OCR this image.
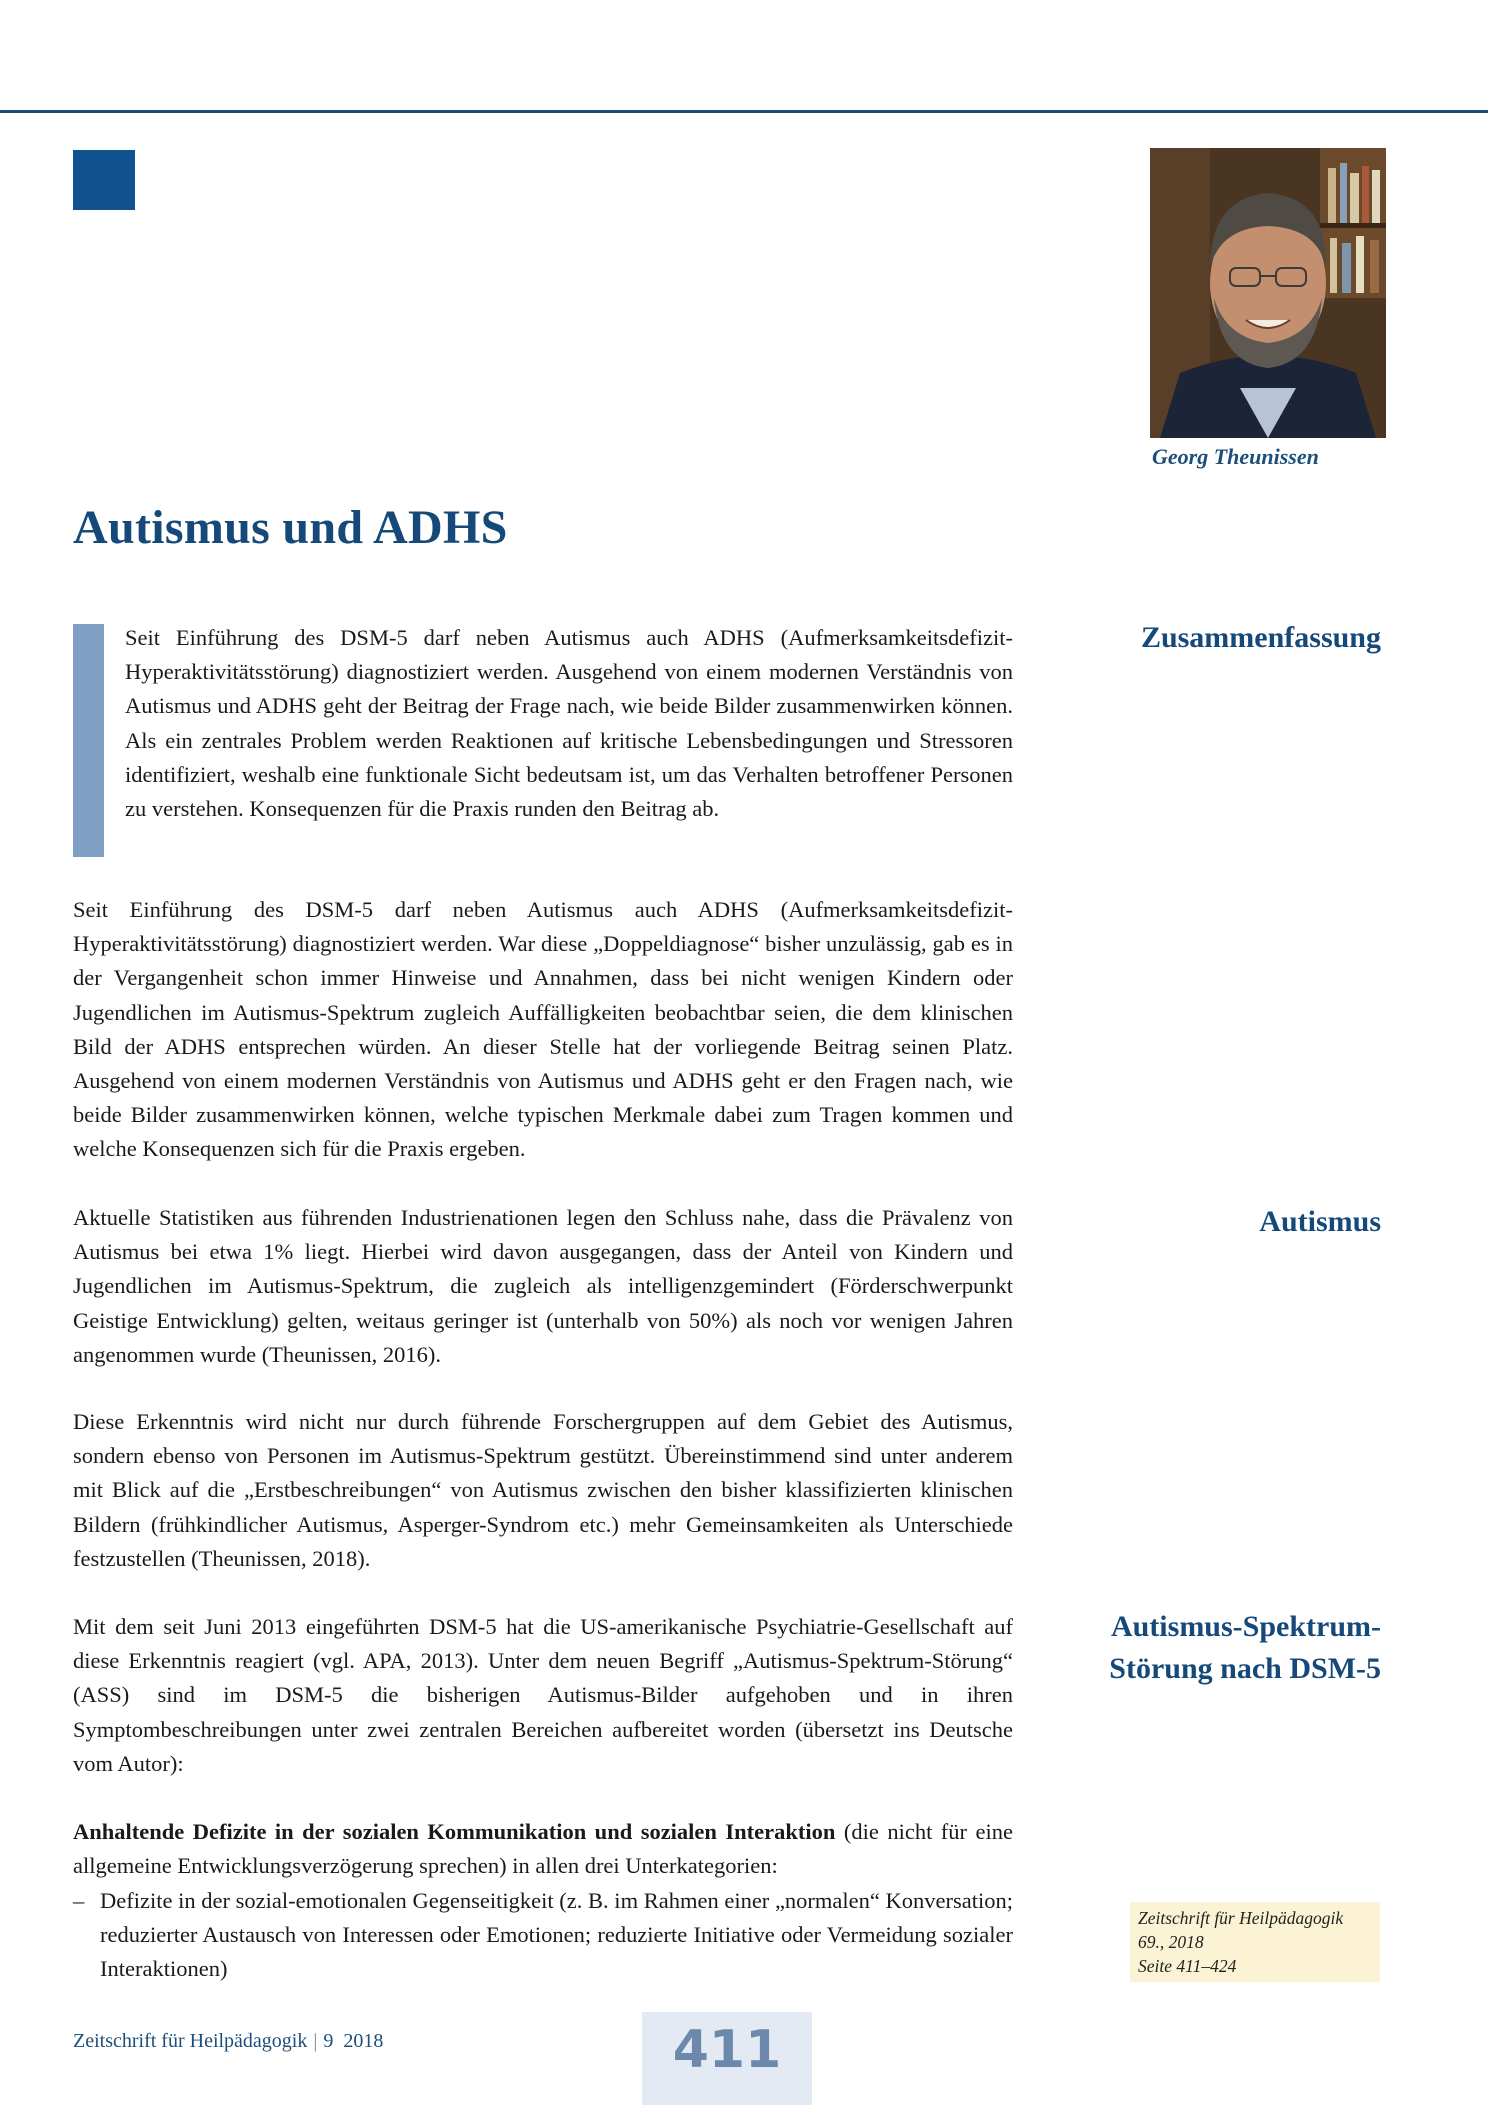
Georg Theunissen
Autismus und ADHS

Seit Einführung des DSM-5 darf neben Autismus auch ADHS (Aufmerksamkeitsdefizit-Hyperaktivitätsstörung) diagnostiziert werden. Ausgehend von einem modernen Verständnis von Autismus und ADHS geht der Beitrag der Frage nach, wie beide Bilder zusammenwirken können. Als ein zentrales Problem werden Reaktionen auf kritische Lebensbedingungen und Stressoren identifiziert, weshalb eine funktionale Sicht bedeutsam ist, um das Verhalten betroffener Personen zu verstehen. Konsequenzen für die Praxis runden den Beitrag ab.

Zusammenfassung
Autismus
Autismus-Spektrum-
Störung nach DSM-5

Seit Einführung des DSM-5 darf neben Autismus auch ADHS (Aufmerksamkeitsdefizit-Hyperaktivitätsstörung) diagnostiziert werden. War diese „Doppeldiagnose“ bisher unzulässig, gab es in der Vergangenheit schon immer Hinweise und Annahmen, dass bei nicht wenigen Kindern oder Jugendlichen im Autismus-Spektrum zugleich Auffälligkeiten beobachtbar seien, die dem klinischen Bild der ADHS entsprechen würden. An dieser Stelle hat der vorliegende Beitrag seinen Platz. Ausgehend von einem modernen Verständnis von Autismus und ADHS geht er den Fragen nach, wie beide Bilder zusammenwirken können, welche typischen Merkmale dabei zum Tragen kommen und welche Konsequenzen sich für die Praxis ergeben.

Aktuelle Statistiken aus führenden Industrienationen legen den Schluss nahe, dass die Prävalenz von Autismus bei etwa 1% liegt. Hierbei wird davon ausgegangen, dass der Anteil von Kindern und Jugendlichen im Autismus-Spektrum, die zugleich als intelligenzgemindert (Förderschwerpunkt Geistige Entwicklung) gelten, weitaus geringer ist (unterhalb von 50%) als noch vor wenigen Jahren angenommen wurde (Theunissen, 2016).

Diese Erkenntnis wird nicht nur durch führende Forschergruppen auf dem Gebiet des Autismus, sondern ebenso von Personen im Autismus-Spektrum gestützt. Übereinstimmend sind unter anderem mit Blick auf die „Erstbeschreibungen“ von Autismus zwischen den bisher klassifizierten klinischen Bildern (frühkindlicher Autismus, Asperger-Syndrom etc.) mehr Gemeinsamkeiten als Unterschiede festzustellen (Theunissen, 2018).

Mit dem seit Juni 2013 eingeführten DSM-5 hat die US-amerikanische Psychiatrie-Gesellschaft auf diese Erkenntnis reagiert (vgl. APA, 2013). Unter dem neuen Begriff „Autismus-Spektrum-Störung“ (ASS) sind im DSM-5 die bisherigen Autismus-Bilder aufgehoben und in ihren Symptombeschreibungen unter zwei zentralen Bereichen aufbereitet worden (übersetzt ins Deutsche vom Autor):

Anhaltende Defizite in der sozialen Kommunikation und sozialen Interaktion (die nicht für eine allgemeine Entwicklungsverzögerung sprechen) in allen drei Unterkategorien:

– Defizite in der sozial-emotionalen Gegenseitigkeit (z. B. im Rahmen einer „normalen“ Konversation; reduzierter Austausch von Interessen oder Emotionen; reduzierte Initiative oder Vermeidung sozialer Interaktionen)

Zeitschrift für Heilpädagogik
69., 2018
Seite 411–424
Zeitschrift für Heilpädagogik | 9 2018	411
